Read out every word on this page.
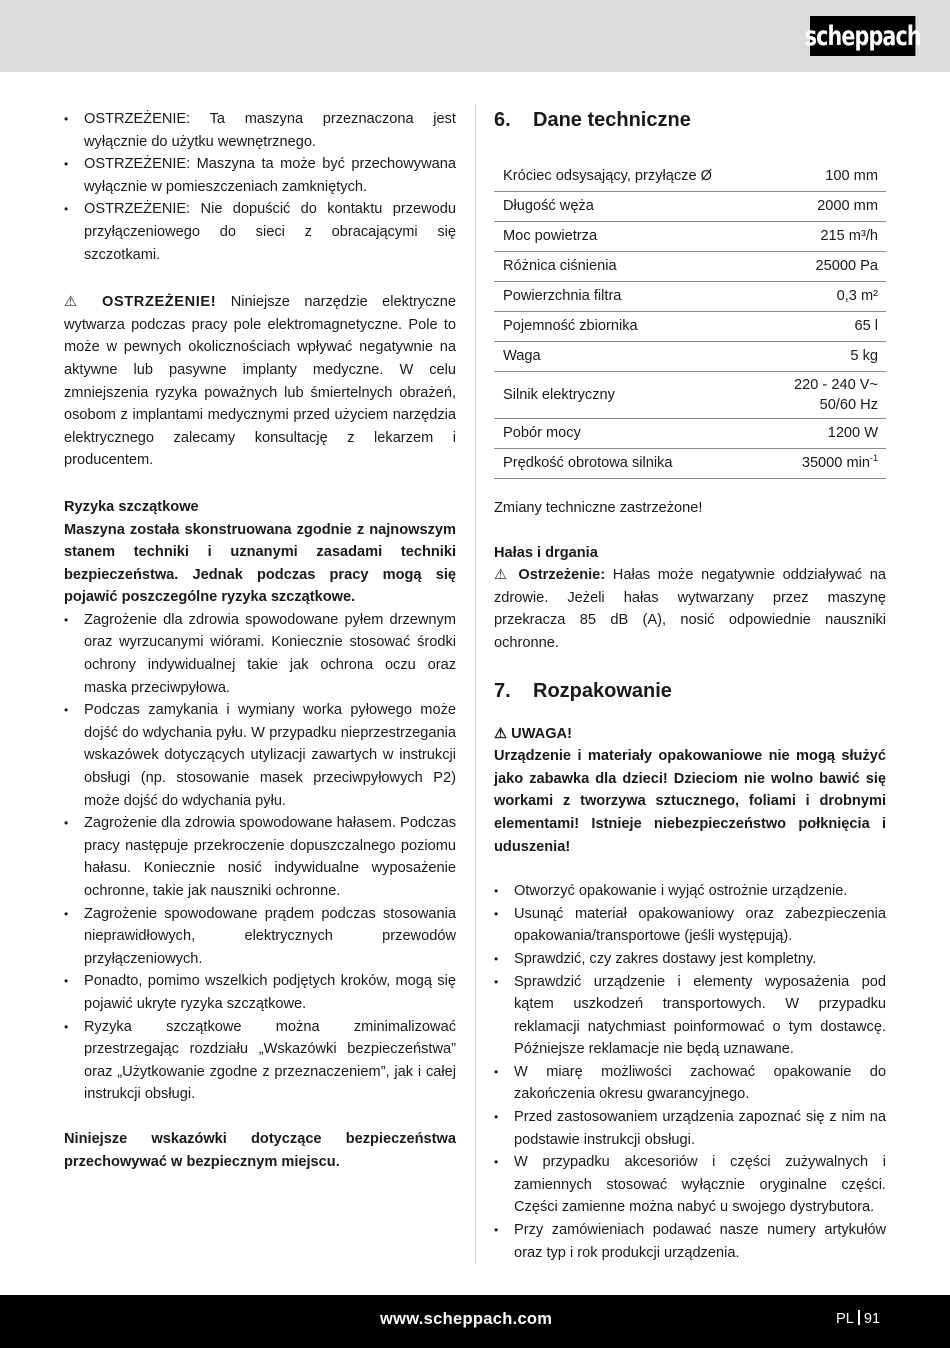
scheppach
• OSTRZEŻENIE: Ta maszyna przeznaczona jest wyłącznie do użytku wewnętrznego.
• OSTRZEŻENIE: Maszyna ta może być przechowywana wyłącznie w pomieszczeniach zamkniętych.
• OSTRZEŻENIE: Nie dopuścić do kontaktu przewodu przyłączeniowego do sieci z obracającymi się szczotkami.

⚠ OSTRZEŻENIE! Niniejsze narzędzie elektryczne wytwarza podczas pracy pole elektromagnetyczne. Pole to może w pewnych okolicznościach wpływać negatywnie na aktywne lub pasywne implanty medyczne. W celu zmniejszenia ryzyka poważnych lub śmiertelnych obrażeń, osobom z implantami medycznymi przed użyciem narzędzia elektrycznego zalecamy konsultację z lekarzem i producentem.

Ryzyka szczątkowe

Maszyna została skonstruowana zgodnie z najnowszym stanem techniki i uznanymi zasadami techniki bezpieczeństwa. Jednak podczas pracy mogą się pojawić poszczególne ryzyka szczątkowe.

• Zagrożenie dla zdrowia spowodowane pyłem drzewnym oraz wyrzucanymi wiórami. Koniecznie stosować środki ochrony indywidualnej takie jak ochrona oczu oraz maska przeciwpyłowa.
• Podczas zamykania i wymiany worka pyłowego może dojść do wdychania pyłu. W przypadku nieprzestrzegania wskazówek dotyczących utylizacji zawartych w instrukcji obsługi (np. stosowanie masek przeciwpyłowych P2) może dojść do wdychania pyłu.
• Zagrożenie dla zdrowia spowodowane hałasem. Podczas pracy następuje przekroczenie dopuszczalnego poziomu hałasu. Koniecznie nosić indywidualne wyposażenie ochronne, takie jak nauszniki ochronne.
• Zagrożenie spowodowane prądem podczas stosowania nieprawidłowych, elektrycznych przewodów przyłączeniowych.
• Ponadto, pomimo wszelkich podjętych kroków, mogą się pojawić ukryte ryzyka szczątkowe.
• Ryzyka szczątkowe można zminimalizować przestrzegając rozdziału „Wskazówki bezpieczeństwa” oraz „Użytkowanie zgodne z przeznaczeniem”, jak i całej instrukcji obsługi.

Niniejsze wskazówki dotyczące bezpieczeństwa przechowywać w bezpiecznym miejscu.

6.	Dane techniczne
Króciec odsysający, przyłącze Ø	100 mm
Długość węża	2000 mm
Moc powietrza	215 m³/h
Różnica ciśnienia	25000 Pa
Powierzchnia filtra	0,3 m²
Pojemność zbiornika	65 l
Waga	5 kg
Silnik elektryczny	220 - 240 V~
50/60 Hz
Pobór mocy	1200 W
Prędkość obrotowa silnika	35000 $\min^{-1}$

Zmiany techniczne zastrzeżone!

Hałas i drgania

⚠ Ostrzeżenie: Hałas może negatywnie oddziaływać na zdrowie. Jeżeli hałas wytwarzany przez maszynę przekracza 85 dB (A), nosić odpowiednie nauszniki ochronne.

7.	Rozpakowanie
⚠ UWAGA!

Urządzenie i materiały opakowaniowe nie mogą służyć jako zabawka dla dzieci! Dzieciom nie wolno bawić się workami z tworzywa sztucznego, foliami i drobnymi elementami! Istnieje niebezpieczeństwo połknięcia i uduszenia!

• Otworzyć opakowanie i wyjąć ostrożnie urządzenie.
• Usunąć materiał opakowaniowy oraz zabezpieczenia opakowania/transportowe (jeśli występują).
• Sprawdzić, czy zakres dostawy jest kompletny.
• Sprawdzić urządzenie i elementy wyposażenia pod kątem uszkodzeń transportowych. W przypadku reklamacji natychmiast poinformować o tym dostawcę. Późniejsze reklamacje nie będą uznawane.
• W miarę możliwości zachować opakowanie do zakończenia okresu gwarancyjnego.
• Przed zastosowaniem urządzenia zapoznać się z nim na podstawie instrukcji obsługi.
• W przypadku akcesoriów i części zużywalnych i zamiennych stosować wyłącznie oryginalne części. Części zamienne można nabyć u swojego dystrybutora.
• Przy zamówieniach podawać nasze numery artykułów oraz typ i rok produkcji urządzenia.
www.scheppach.com	PL 91
